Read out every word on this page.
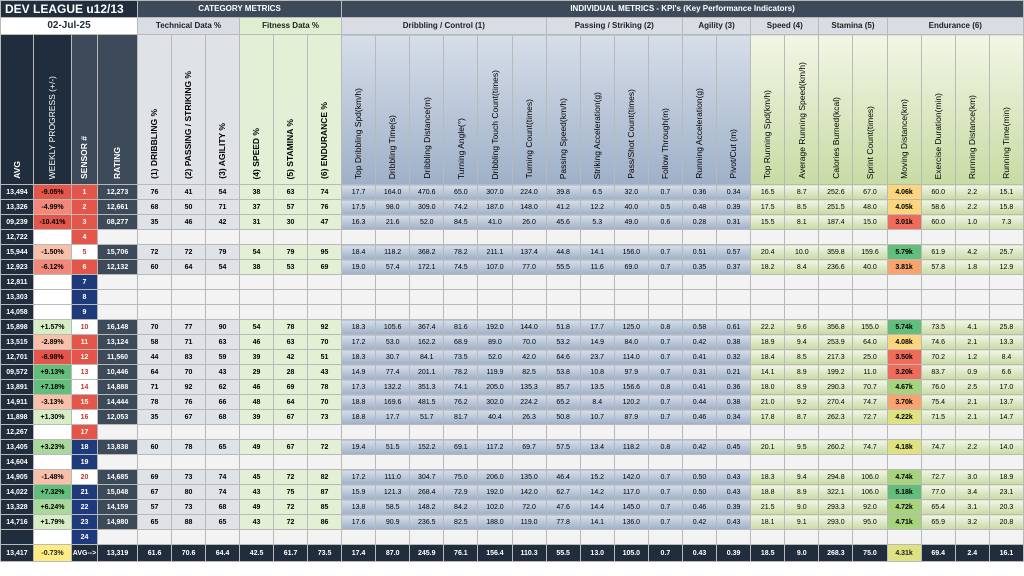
DEV LEAGUE u12/13				CATEGORY METRICS						INDIVIDUAL METRICS - KPI's (Key Performance Indicators)																			
02-Jul-25				Technical Data %			Fitness Data %			Dribbling / Control (1)						Passing / Striking (2)				Agility (3)		Speed (4)		Stamina (5)		Endurance (6)			
AVG	WEEKLY PROGRESS (+/-)	SENSOR #	RATING	(1) DRIBBLING %	(2) PASSING / STRIKING %	(3) AGILITY %	(4) SPEED %	(5) STAMINA %	(6) ENDURANCE %	Top Dribbling Spd(km/h)	Dribbling Time(s)	Dribbling Distance(m)	Turning Angle(°)	Dribbling Touch Count(times)	Turning Count(times)	Passing Speed(km/h)	Striking Acceleration(g)	Pass/Shot Count(times)	Follow Through(m)	Running Acceleration(g)	Pivot/Cut (m)	Top Running Spd(km/h)	Average Running Speed(km/h)	Calories Burned(kcal)	Sprint Count(times)	Moving Distance(km)	Exercise Duration(min)	Running Distance(km)	Running Time(min)
13,494	-9.05%	1	12,273	76	41	54	38	63	74	17.7	164.0	470.6	65.0	307.0	224.0	39.8	6.5	32.0	0.7	0.36	0.34	16.5	8.7	252.6	67.0	4.06k	60.0	2.2	15.1
13,326	-4.99%	2	12,661	68	50	71	37	57	76	17.5	98.0	309.0	74.2	187.0	148.0	41.2	12.2	40.0	0.5	0.48	0.39	17.5	8.5	251.5	48.0	4.05k	58.6	2.2	15.8
09,239	-10.41%	3	08,277	35	46	42	31	30	47	16.3	21.6	52.0	84.5	41.0	26.0	45.6	5.3	49.0	0.6	0.28	0.31	15.5	8.1	187.4	15.0	3.01k	60.0	1.0	7.3
12,722		4																											
15,944	-1.50%	5	15,706	72	72	79	54	79	95	18.4	118.2	368.2	78.2	211.1	137.4	44.8	14.1	156.0	0.7	0.51	0.57	20.4	10.0	359.8	159.6	5.79k	61.9	4.2	25.7
12,923	-6.12%	6	12,132	60	64	54	38	53	69	19.0	57.4	172.1	74.5	107.0	77.0	55.5	11.6	69.0	0.7	0.35	0.37	18.2	8.4	236.6	40.0	3.81k	57.8	1.8	12.9
12,811		7																											
13,303		8																											
14,058		9																											
15,898	+1.57%	10	16,148	70	77	90	54	78	92	18.3	105.6	367.4	81.6	192.0	144.0	51.8	17.7	125.0	0.8	0.58	0.61	22.2	9.6	356.8	155.0	5.74k	73.5	4.1	25.8
13,515	-2.89%	11	13,124	58	71	63	46	63	70	17.2	53.0	162.2	68.9	89.0	70.0	53.2	14.9	84.0	0.7	0.42	0.38	18.9	9.4	253.9	64.0	4.08k	74.6	2.1	13.3
12,701	-8.98%	12	11,560	44	83	59	39	42	51	18.3	30.7	84.1	73.5	52.0	42.0	64.6	23.7	114.0	0.7	0.41	0.32	18.4	8.5	217.3	25.0	3.50k	70.2	1.2	8.4
09,572	+9.13%	13	10,446	64	70	43	29	28	43	14.9	77.4	201.1	78.2	119.9	82.5	53.8	10.8	97.9	0.7	0.31	0.21	14.1	8.9	199.2	11.0	3.20k	83.7	0.9	6.6
13,891	+7.18%	14	14,888	71	92	62	46	69	78	17.3	132.2	351.3	74.1	205.0	135.3	85.7	13.5	156.6	0.8	0.41	0.36	18.0	8.9	290.3	70.7	4.67k	76.0	2.5	17.0
14,911	-3.13%	15	14,444	78	76	66	48	64	70	18.8	169.6	481.5	76.2	302.0	224.2	65.2	8.4	120.2	0.7	0.44	0.38	21.0	9.2	270.4	74.7	3.70k	75.4	2.1	13.7
11,898	+1.30%	16	12,053	35	67	68	39	67	73	18.8	17.7	51.7	81.7	40.4	26.3	50.8	10.7	87.9	0.7	0.46	0.34	17.8	8.7	262.3	72.7	4.22k	71.5	2.1	14.7
12,267		17																											
13,405	+3.23%	18	13,838	60	78	65	49	67	72	19.4	51.5	152.2	69.1	117.2	69.7	57.5	13.4	118.2	0.8	0.42	0.45	20.1	9.5	260.2	74.7	4.18k	74.7	2.2	14.0
14,604		19																											
14,905	-1.48%	20	14,685	69	73	74	45	72	82	17.2	111.0	304.7	75.0	206.0	135.0	46.4	15.2	142.0	0.7	0.50	0.43	18.3	9.4	294.8	106.0	4.74k	72.7	3.0	18.9
14,022	+7.32%	21	15,048	67	80	74	43	75	87	15.9	121.3	268.4	72.9	192.0	142.0	62.7	14.2	117.0	0.7	0.50	0.43	18.8	8.9	322.1	106.0	5.18k	77.0	3.4	23.1
13,328	+6.24%	22	14,159	57	73	68	49	72	85	13.8	58.5	148.2	84.2	102.0	72.0	47.6	14.4	145.0	0.7	0.46	0.39	21.5	9.0	293.3	92.0	4.72k	65.4	3.1	20.3
14,716	+1.79%	23	14,980	65	88	65	43	72	86	17.6	90.9	236.5	82.5	188.0	119.0	77.8	14.1	136.0	0.7	0.42	0.43	18.1	9.1	293.0	95.0	4.71k	65.9	3.2	20.8
		24																											
13,417	-0.73%	AVG-->	13,319	61.6	70.6	64.4	42.5	61.7	73.5	17.4	87.0	245.9	76.1	156.4	110.3	55.5	13.0	105.0	0.7	0.43	0.39	18.5	9.0	268.3	75.0	4.31k	69.4	2.4	16.1
